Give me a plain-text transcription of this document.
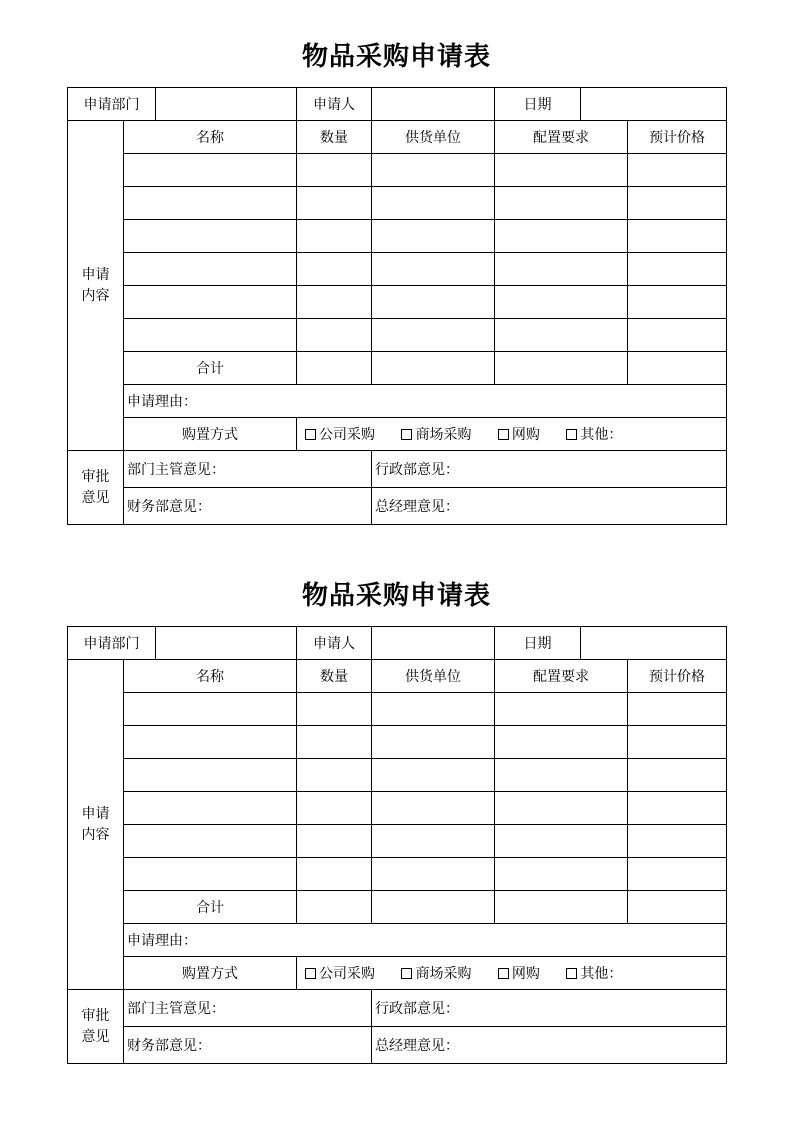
物品采购申请表
申请部门			申请人		日期		

申请
内容	名称		数量	供货单位	配置要求		预计价格

	合计						
	申请理由：						
	购置方式		公司采购 商场采购 网购 其他：				

审批
意见	部门主管意见：			行政部意见：			
	财务部意见：			总经理意见：			
物品采购申请表
申请部门			申请人		日期		

申请
内容	名称		数量	供货单位	配置要求		预计价格

	合计						
	申请理由：						
	购置方式		公司采购 商场采购 网购 其他：				

审批
意见	部门主管意见：			行政部意见：			
	财务部意见：			总经理意见：			
